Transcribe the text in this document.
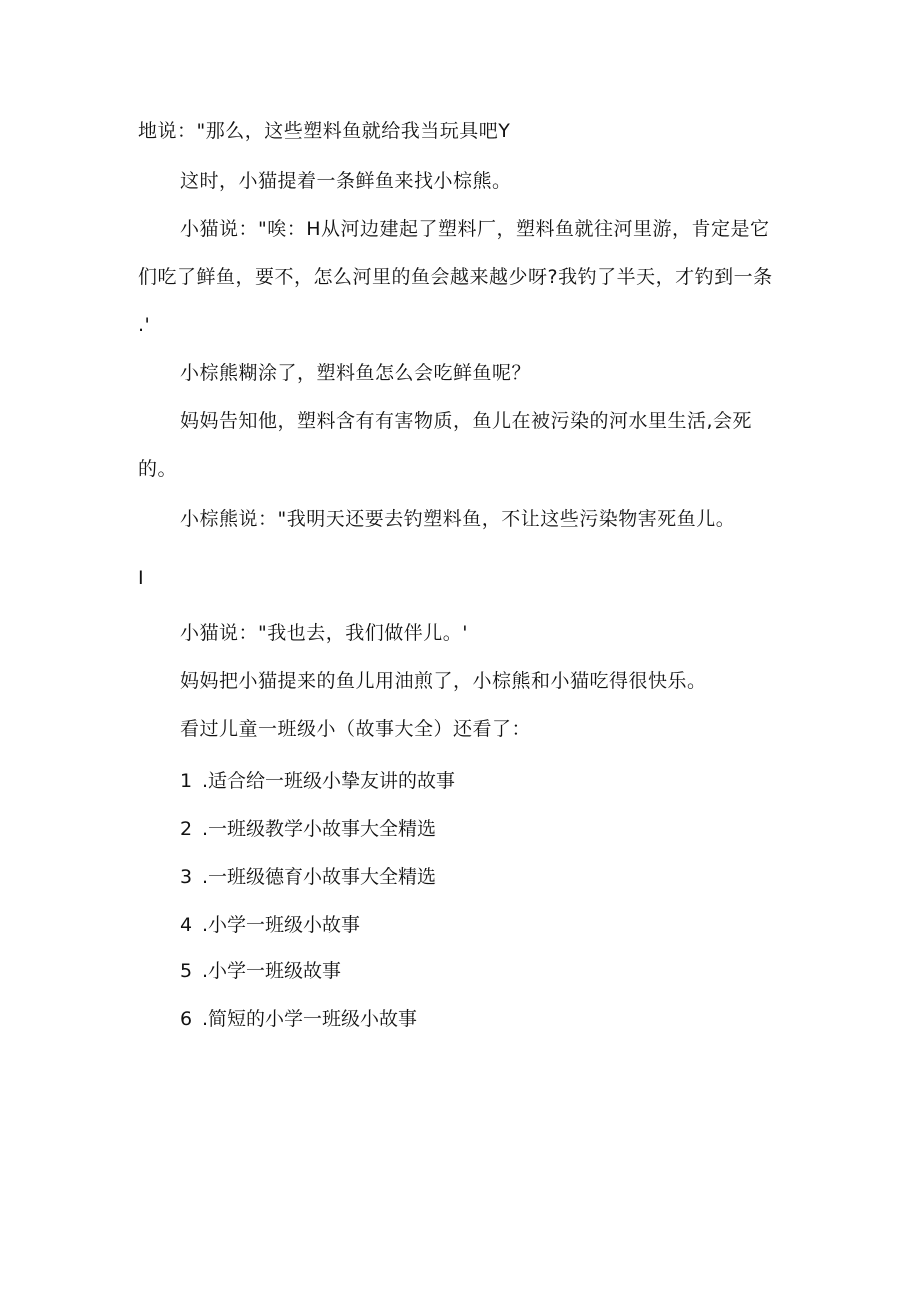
地说："那么，这些塑料鱼就给我当玩具吧Y
这时，小猫提着一条鲜鱼来找小棕熊。
小猫说："唉：H从河边建起了塑料厂，塑料鱼就往河里游，肯定是它
们吃了鲜鱼，要不，怎么河里的鱼会越来越少呀?我钓了半天，才钓到一条
.'
小棕熊糊涂了，塑料鱼怎么会吃鲜鱼呢？
妈妈告知他，塑料含有有害物质，鱼儿在被污染的河水里生活,会死
的。
小棕熊说："我明天还要去钓塑料鱼，不让这些污染物害死鱼儿。
I
小猫说："我也去，我们做伴儿。'
妈妈把小猫提来的鱼儿用油煎了，小棕熊和小猫吃得很快乐。
看过儿童一班级小（故事大全）还看了：
1 .适合给一班级小挚友讲的故事
2 .一班级教学小故事大全精选
3 .一班级德育小故事大全精选
4 .小学一班级小故事
5 .小学一班级故事
6 .简短的小学一班级小故事
